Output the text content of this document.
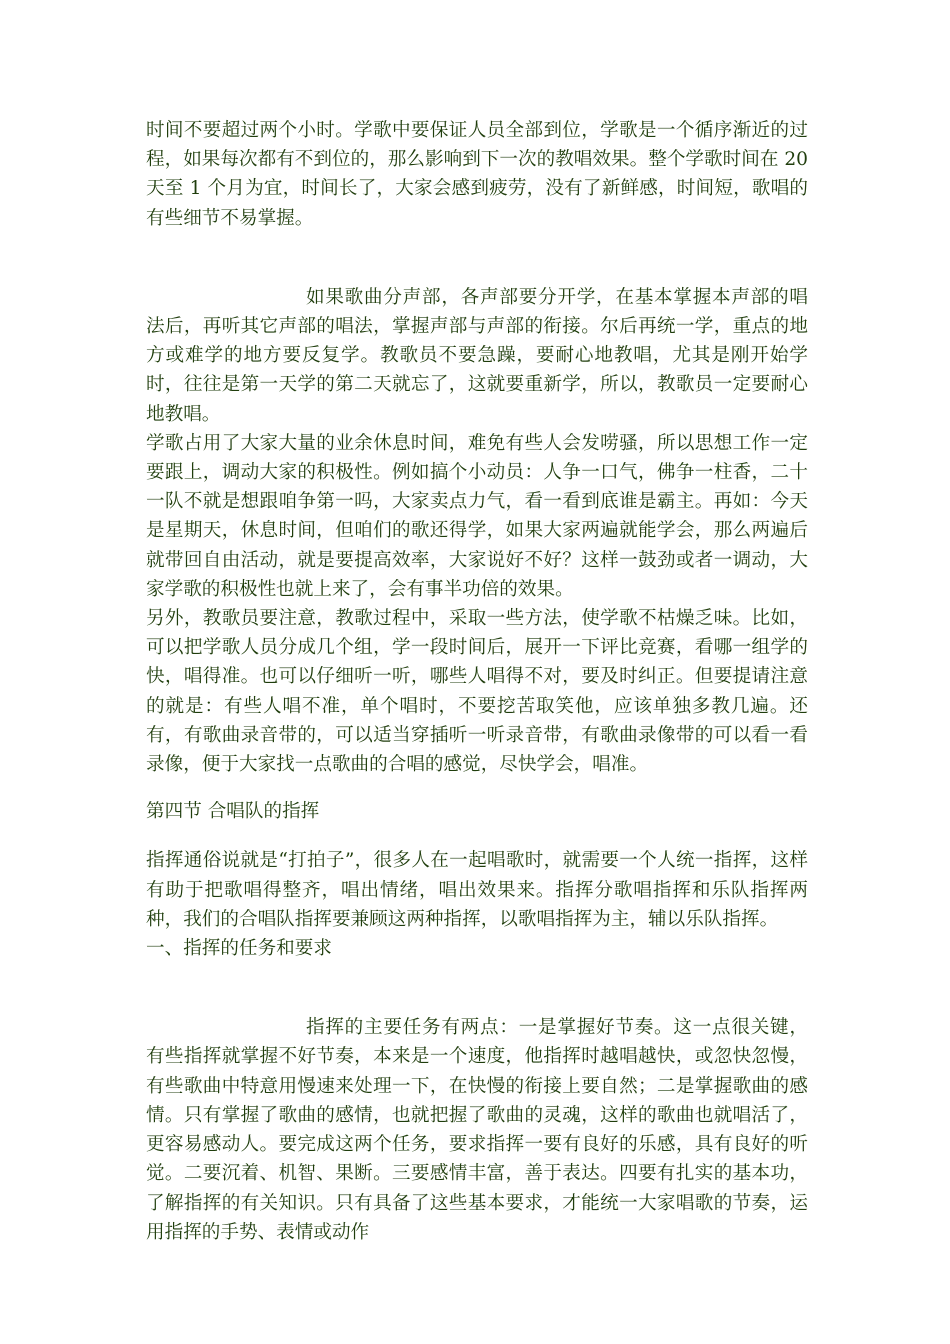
时间不要超过两个小时。学歌中要保证人员全部到位，学歌是一个循序渐近的过程，如果每次都有不到位的，那么影响到下一次的教唱效果。整个学歌时间在 20 天至 1 个月为宜，时间长了，大家会感到疲劳，没有了新鲜感，时间短，歌唱的有些细节不易掌握。

如果歌曲分声部，各声部要分开学，在基本掌握本声部的唱法后，再听其它声部的唱法，掌握声部与声部的衔接。尔后再统一学，重点的地方或难学的地方要反复学。教歌员不要急躁，要耐心地教唱，尤其是刚开始学时，往往是第一天学的第二天就忘了，这就要重新学，所以，教歌员一定要耐心地教唱。

学歌占用了大家大量的业余休息时间，难免有些人会发唠骚，所以思想工作一定要跟上，调动大家的积极性。例如搞个小动员：人争一口气，佛争一柱香，二十一队不就是想跟咱争第一吗，大家卖点力气，看一看到底谁是霸主。再如：今天是星期天，休息时间，但咱们的歌还得学，如果大家两遍就能学会，那么两遍后就带回自由活动，就是要提高效率，大家说好不好？这样一鼓劲或者一调动，大家学歌的积极性也就上来了，会有事半功倍的效果。

另外，教歌员要注意，教歌过程中，采取一些方法，使学歌不枯燥乏味。比如，可以把学歌人员分成几个组，学一段时间后，展开一下评比竞赛，看哪一组学的快，唱得准。也可以仔细听一听，哪些人唱得不对，要及时纠正。但要提请注意的就是：有些人唱不准，单个唱时，不要挖苦取笑他，应该单独多教几遍。还有，有歌曲录音带的，可以适当穿插听一听录音带，有歌曲录像带的可以看一看录像，便于大家找一点歌曲的合唱的感觉，尽快学会，唱准。

第四节 合唱队的指挥

指挥通俗说就是“打拍子”，很多人在一起唱歌时，就需要一个人统一指挥，这样有助于把歌唱得整齐，唱出情绪，唱出效果来。指挥分歌唱指挥和乐队指挥两种，我们的合唱队指挥要兼顾这两种指挥，以歌唱指挥为主，辅以乐队指挥。

一、指挥的任务和要求

指挥的主要任务有两点：一是掌握好节奏。这一点很关键，有些指挥就掌握不好节奏，本来是一个速度，他指挥时越唱越快，或忽快忽慢，有些歌曲中特意用慢速来处理一下，在快慢的衔接上要自然；二是掌握歌曲的感情。只有掌握了歌曲的感情，也就把握了歌曲的灵魂，这样的歌曲也就唱活了，更容易感动人。要完成这两个任务，要求指挥一要有良好的乐感，具有良好的听觉。二要沉着、机智、果断。三要感情丰富，善于表达。四要有扎实的基本功，了解指挥的有关知识。只有具备了这些基本要求，才能统一大家唱歌的节奏，运用指挥的手势、表情或动作
